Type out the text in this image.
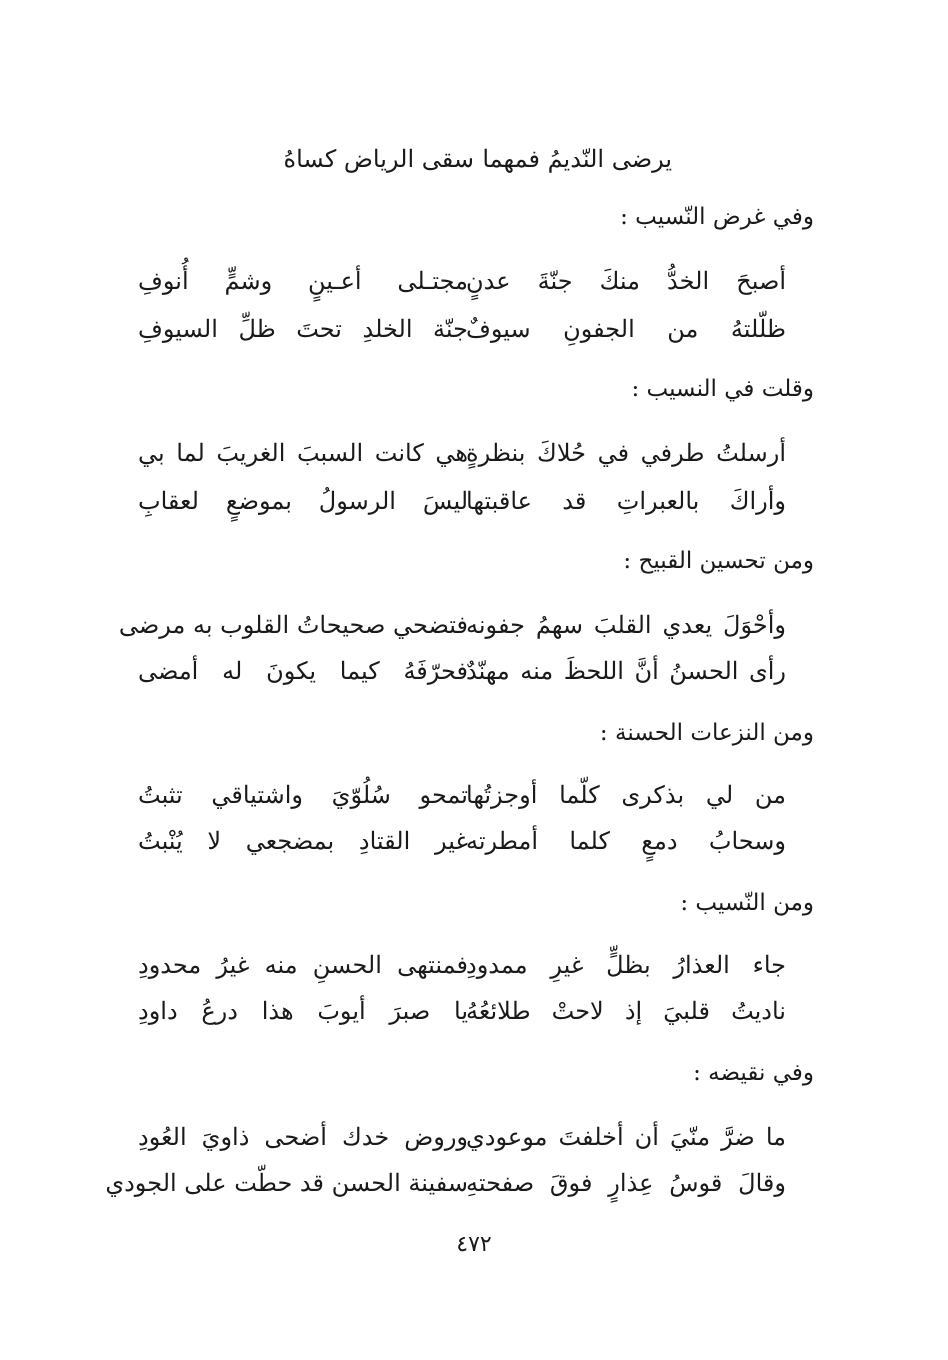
يرضى النّديمُ فمهما
سقى الرياض كساهُ
وفي غرض النّسيب :
أصبحَ الخدُّ منكَ جنّةَ عدنٍ
مجتـلى أعـينٍ وشمٍّ أُنوفِ
ظلّلتهُ من الجفونِ سيوفٌ
جنّة الخلدِ تحتَ ظلِّ السيوفِ
وقلت في النسيب :
أرسلتُ طرفي في حُلاكَ بنظرةٍ
هي كانت السببَ الغريبَ لما بي
وأراكَ بالعبراتِ قد عاقبتها
ليسَ الرسولُ بموضعٍ لعقابِ
ومن تحسين القبيح :
وأحْوَلَ يعدي القلبَ سهمُ جفونه
فتضحي صحيحاتُ القلوب به مرضى
رأى الحسنُ أنَّ اللحظَ منه مهنّدٌ
فحرّفَهُ كيما يكونَ له أمضى
ومن النزعات الحسنة :
من لي بذكرى كلّما أوجزتُها
تمحو سُلُوّيَ واشتياقي تثبتُ
وسحابُ دمعٍ كلما أمطرته
غير القتادِ بمضجعي لا يُنْبتُ
ومن النّسيب :
جاء العذارُ بظلٍّ غيرِ ممدودِ
فمنتهى الحسنِ منه غيرُ محدودِ
ناديتُ قلبيَ إذ لاحتْ طلائعُهُ
يا صبرَ أيوبَ هذا درعُ داودِ
وفي نقيضه :
ما ضرَّ منّيَ أن أخلفتَ موعودي
وروض خدك أضحى ذاويَ العُودِ
وقالَ قوسُ عِذارٍ فوقَ صفحتهِ
سفينة الحسن قد حطّت على الجودي
٤٧٢
